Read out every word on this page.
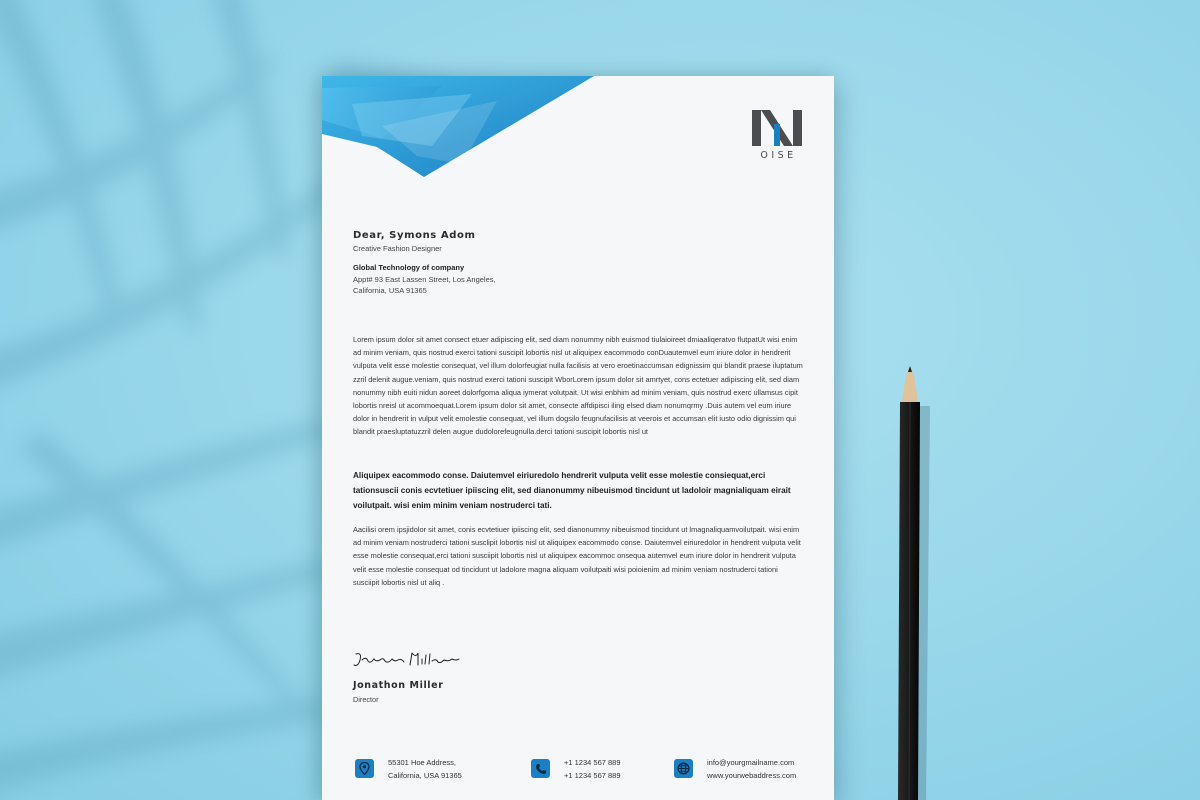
OISE
Dear, Symons Adom
Creative Fashion Designer
Global Technology of company
Appt# 93 East Lassen Street, Los Angeles,
California, USA 91365
Lorem ipsum dolor sit amet consect etuer adipiscing elit, sed diam nonummy nibh euismod tiulaioireet dmiaaliqeratvo flutpatUt wisi enim ad minim veniam, quis nostrud exerci tationi suscipit lobortis nisl ut aliquipex eacommodo conDuautemvel eum iriure dolor in hendrerit vulputa velit esse molestie consequat, vel illum dolorfeugiat nulla facilisis at vero eroetinaccumsan edignissim qui blandit praese iluptatum zzril delenit augue.veniam, quis nostrud exerci tationi suscipit WborLorem ipsum dolor sit amrtyet, cons ectetuer adipiscing elit, sed diam nonummy nibh euiti nidun aoreet dolorfgoma aliqua iymerat volutpait. Ut wisi enbhim ad minim veniam, quis nostrud exerc ullamsus cipit lobortis nreisl ut acommoequat.Lorem ipsum dolor sit amet, consecte affdipisci iling elsed diam nonumqrmy .Duis autem vel eum iriure dolor in hendrerit in vulput velit emolestie consequat, vel illum dogsilo feugnufacilisis at veerois et accumsan elit iusto odio dignissim qui blandit praesluptatuzzril delen augue dudolorefeugnulla.derci tationi suscipit lobortis nisl ut
Aliquipex eacommodo conse. Daiutemvel eiriuredolo hendrerit vulputa velit esse molestie consiequat,erci tationsuscii conis ecvtetiuer ipiiscing elit, sed dianonummy nibeuismod tincidunt ut ladoloir magnialiquam eirait voilutpait. wisi enim minim veniam nostruderci tati.
Aacilisi orem ipsjidolor sit amet, conis ecvtetiuer ipiiscing elit, sed dianonummy nibeuismod tincidunt ut lmagnaliquamvoilutpait. wisi enim ad minim veniam nostruderci tationi susclipit lobortis nisl ut aliquipex eacommodo conse. Daiutemvel eiriuredolor in hendrerit vulputa velit esse molestie consequat,erci tationi susciipit lobortis nisl ut aliquipex eacommoc onsequa autemvel eum iriure dolor in hendrerit vulputa velit esse molestie consequat od tincidunt ut ladolore magna aliquam voilutpaiti wisi poioienim ad minim veniam nostruderci tationi susciipit lobortis nisl ut aliq .
Jonathon Miller
Director
55301 Hoe Address,
California, USA 91365
+1 1234 567 889
+1 1234 567 889
info@yourgmailname.com
www.yourwebaddress.com
